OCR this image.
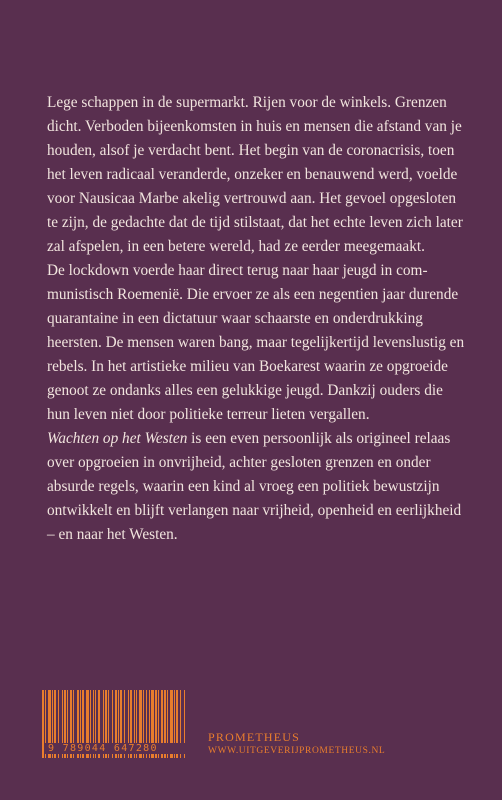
Lege schappen in de supermarkt. Rijen voor de winkels. Grenzen dicht. Verboden bijeenkomsten in huis en mensen die afstand van je houden, alsof je verdacht bent. Het begin van de coronacrisis, toen het leven radicaal veranderde, onzeker en benauwend werd, voelde voor Nausicaa Marbe akelig vertrouwd aan. Het gevoel opgesloten te zijn, de gedachte dat de tijd stilstaat, dat het echte leven zich later zal afspelen, in een betere wereld, had ze eerder meegemaakt.

De lockdown voerde haar direct terug naar haar jeugd in communistisch Roemenië. Die ervoer ze als een negentien jaar durende quarantaine in een dictatuur waar schaarste en onderdrukking heersten. De mensen waren bang, maar tegelijkertijd levenslustig en rebels. In het artistieke milieu van Boekarest waarin ze opgroeide genoot ze ondanks alles een gelukkige jeugd. Dankzij ouders die hun leven niet door politieke terreur lieten vergallen.

Wachten op het Westen is een even persoonlijk als origineel relaas over opgroeien in onvrijheid, achter gesloten grenzen en onder absurde regels, waarin een kind al vroeg een politiek bewustzijn ontwikkelt en blijft verlangen naar vrijheid, openheid en eerlijkheid – en naar het Westen.

9 789044 647280
PROMETHEUS
WWW.UITGEVERIJPROMETHEUS.NL
